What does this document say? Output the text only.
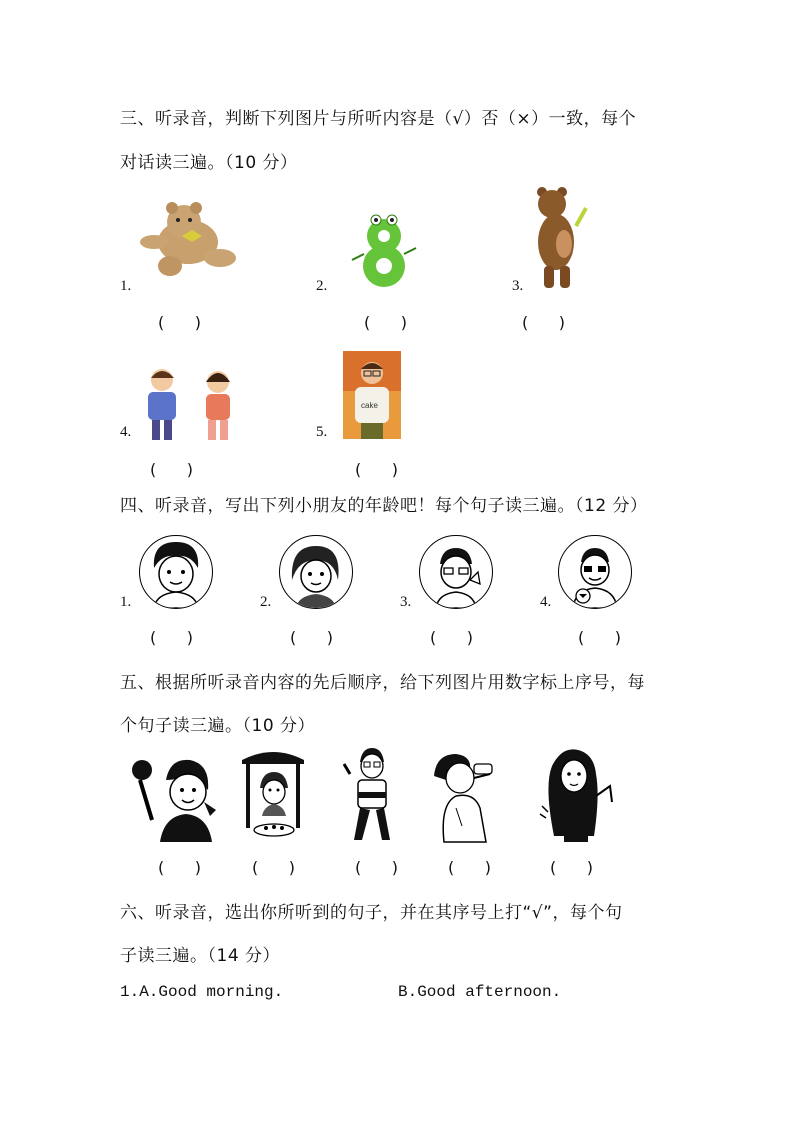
三、听录音，判断下列图片与所听内容是（√）否（×）一致，每个
对话读三遍。（10 分）
1.
(      )
2.
(      )
3.
(      )
4.
(      )
5.
cake
(      )
四、听录音，写出下列小朋友的年龄吧！每个句子读三遍。（12 分）
1.
(      )
2.
(      )
3.
(      )
4.
(      )
五、根据所听录音内容的先后顺序，给下列图片用数字标上序号，每
个句子读三遍。（10 分）
(      )	(      )	(      )	(      )	(      )
六、听录音，选出你所听到的句子，并在其序号上打“√”，每个句
子读三遍。（14 分）
1.A.Good morning.	B.Good afternoon.
